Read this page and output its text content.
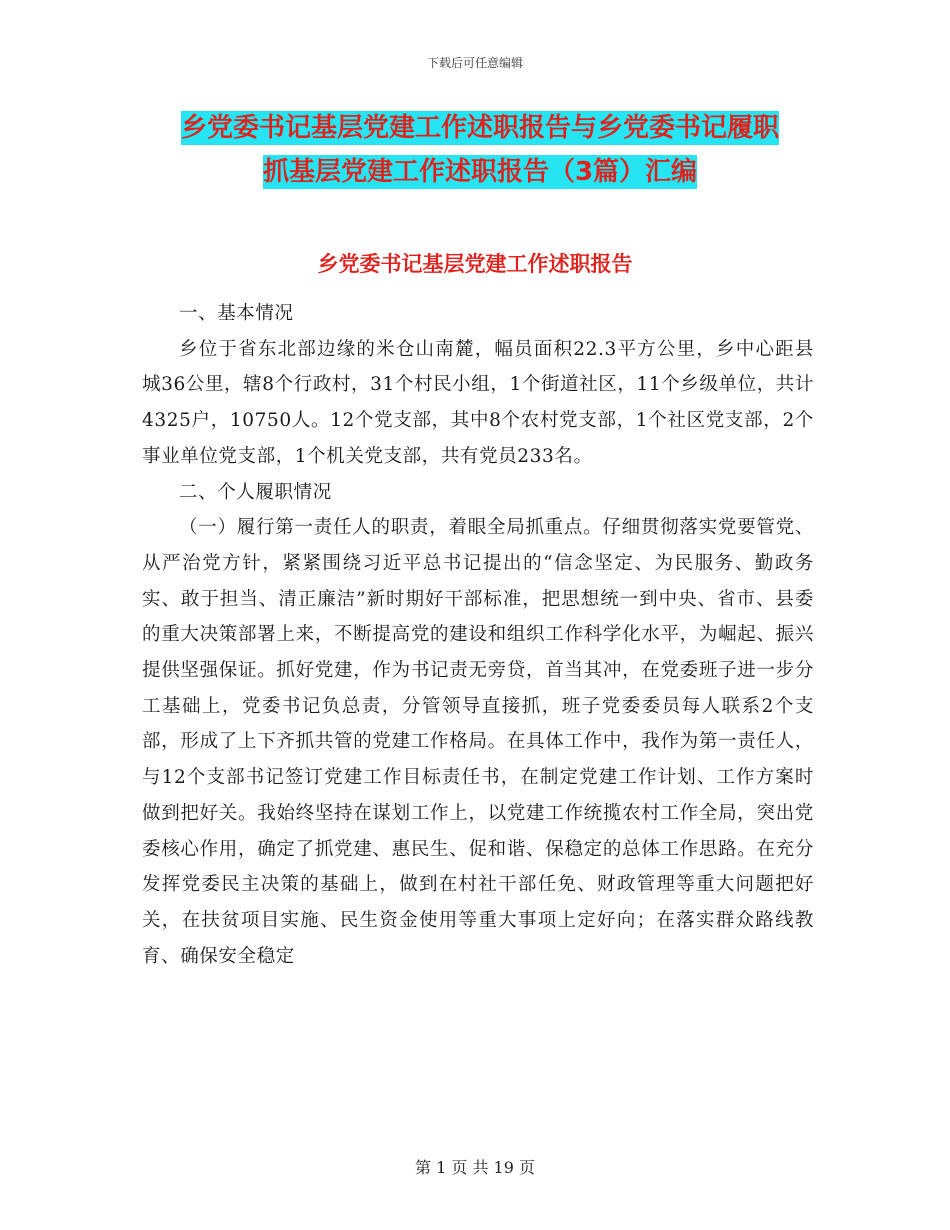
下载后可任意编辑
乡党委书记基层党建工作述职报告与乡党委书记履职
抓基层党建工作述职报告（3篇）汇编
乡党委书记基层党建工作述职报告

一、基本情况

乡位于省东北部边缘的米仓山南麓，幅员面积22.3平方公里，乡中心距县城36公里，辖8个行政村，31个村民小组，1个街道社区，11个乡级单位，共计4325户，10750人。12个党支部，其中8个农村党支部，1个社区党支部，2个事业单位党支部，1个机关党支部，共有党员233名。

二、个人履职情况

（一）履行第一责任人的职责，着眼全局抓重点。仔细贯彻落实党要管党、从严治党方针，紧紧围绕习近平总书记提出的“信念坚定、为民服务、勤政务实、敢于担当、清正廉洁”新时期好干部标准，把思想统一到中央、省市、县委的重大决策部署上来，不断提高党的建设和组织工作科学化水平，为崛起、振兴提供坚强保证。抓好党建，作为书记责无旁贷，首当其冲，在党委班子进一步分工基础上，党委书记负总责，分管领导直接抓，班子党委委员每人联系2个支部，形成了上下齐抓共管的党建工作格局。在具体工作中，我作为第一责任人，与12个支部书记签订党建工作目标责任书，在制定党建工作计划、工作方案时做到把好关。我始终坚持在谋划工作上，以党建工作统揽农村工作全局，突出党委核心作用，确定了抓党建、惠民生、促和谐、保稳定的总体工作思路。在充分发挥党委民主决策的基础上，做到在村社干部任免、财政管理等重大问题把好关，在扶贫项目实施、民生资金使用等重大事项上定好向；在落实群众路线教育、确保安全稳定

第 1 页 共 19 页
